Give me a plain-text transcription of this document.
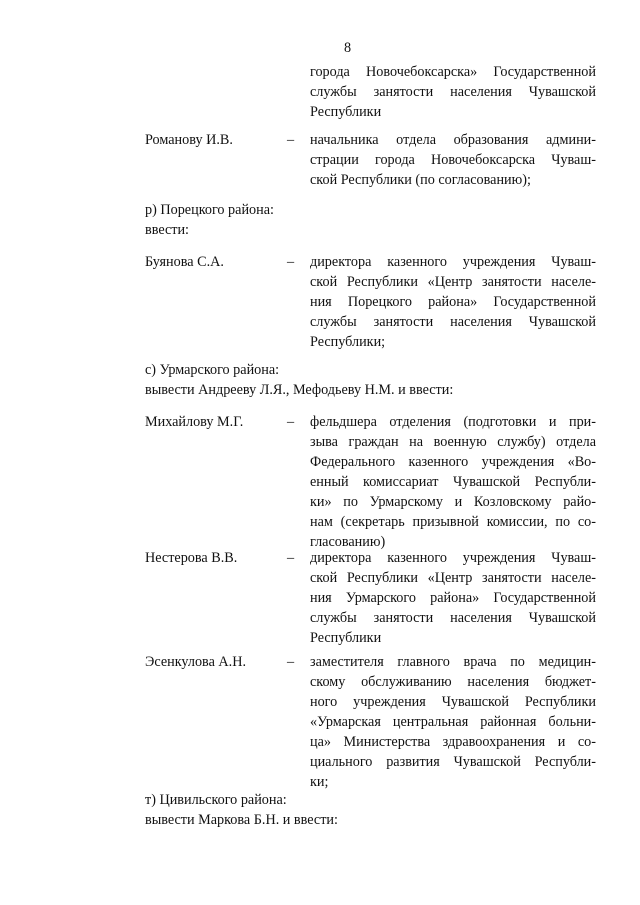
8
города Новочебоксарска» Государственной
службы занятости населения Чувашской
Республики
Романову И.В.	– начальника отдела образования админи-
страции города Новочебоксарска Чуваш-
ской Республики (по согласованию);
р) Порецкого района:
ввести:
Буянова С.А.	– директора казенного учреждения Чуваш-
ской Республики «Центр занятости населе-
ния Порецкого района» Государственной
службы занятости населения Чувашской
Республики;
с) Урмарского района:
вывести Андрееву Л.Я., Мефодьеву Н.М. и ввести:
Михайлову М.Г.	– фельдшера отделения (подготовки и при-
зыва граждан на военную службу) отдела
Федерального казенного учреждения «Во-
енный комиссариат Чувашской Республи-
ки» по Урмарскому и Козловскому райо-
нам (секретарь призывной комиссии, по со-
гласованию)
Нестерова В.В.	– директора казенного учреждения Чуваш-
ской Республики «Центр занятости населе-
ния Урмарского района» Государственной
службы занятости населения Чувашской
Республики
Эсенкулова А.Н.	– заместителя главного врача по медицин-
скому обслуживанию населения бюджет-
ного учреждения Чувашской Республики
«Урмарская центральная районная больни-
ца» Министерства здравоохранения и со-
циального развития Чувашской Республи-
ки;
т) Цивильского района:
вывести Маркова Б.Н. и ввести:
